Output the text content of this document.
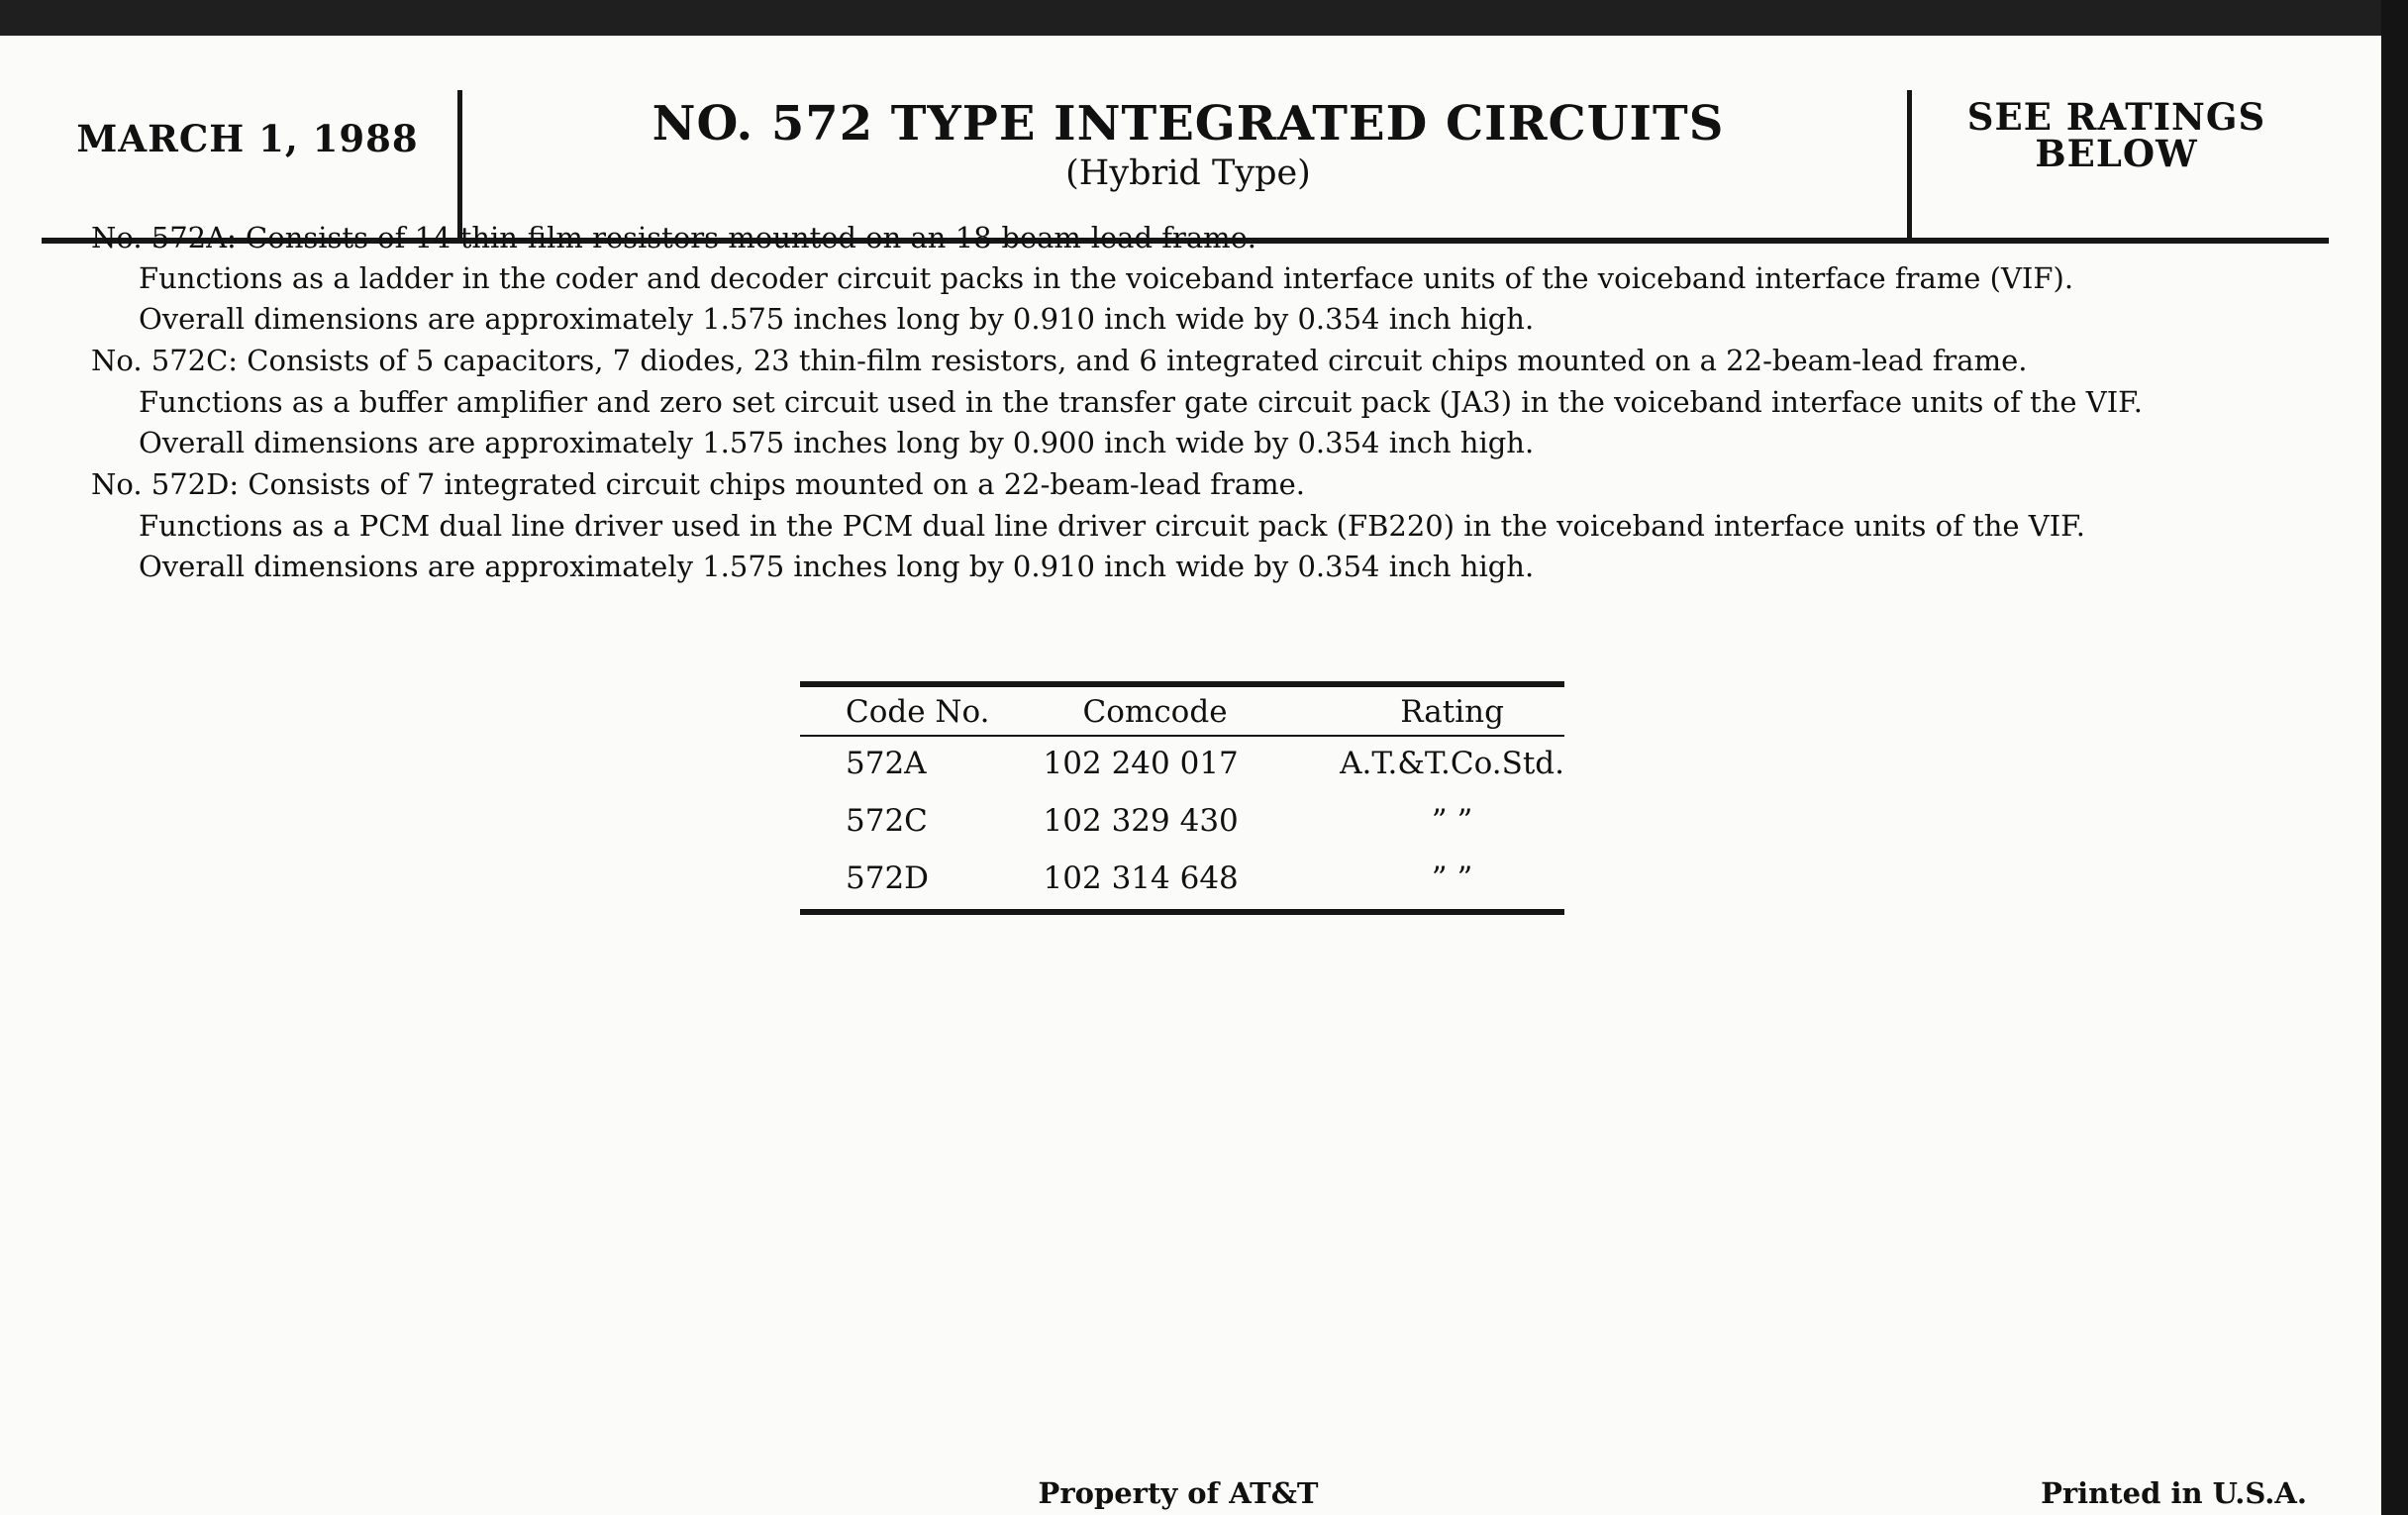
MARCH 1, 1988	NO. 572 TYPE INTEGRATED CIRCUITS
(Hybrid Type)
SEE RATINGS
BELOW
No. 572A: Consists of 14 thin-film resistors mounted on an 18-beam-lead frame.
Functions as a ladder in the coder and decoder circuit packs in the voiceband interface units of the voiceband interface frame (VIF).
Overall dimensions are approximately 1.575 inches long by 0.910 inch wide by 0.354 inch high.
No. 572C: Consists of 5 capacitors, 7 diodes, 23 thin-film resistors, and 6 integrated circuit chips mounted on a 22-beam-lead frame.
Functions as a buffer amplifier and zero set circuit used in the transfer gate circuit pack (JA3) in the voiceband interface units of the VIF.
Overall dimensions are approximately 1.575 inches long by 0.900 inch wide by 0.354 inch high.
No. 572D: Consists of 7 integrated circuit chips mounted on a 22-beam-lead frame.
Functions as a PCM dual line driver used in the PCM dual line driver circuit pack (FB220) in the voiceband interface units of the VIF.
Overall dimensions are approximately 1.575 inches long by 0.910 inch wide by 0.354 inch high.
Code No.	Comcode	Rating
572A	102 240 017	A.T.&T.Co.Std.
572C	102 329 430	” ”
572D	102 314 648	” ”
Property of AT&T	Printed in U.S.A.
